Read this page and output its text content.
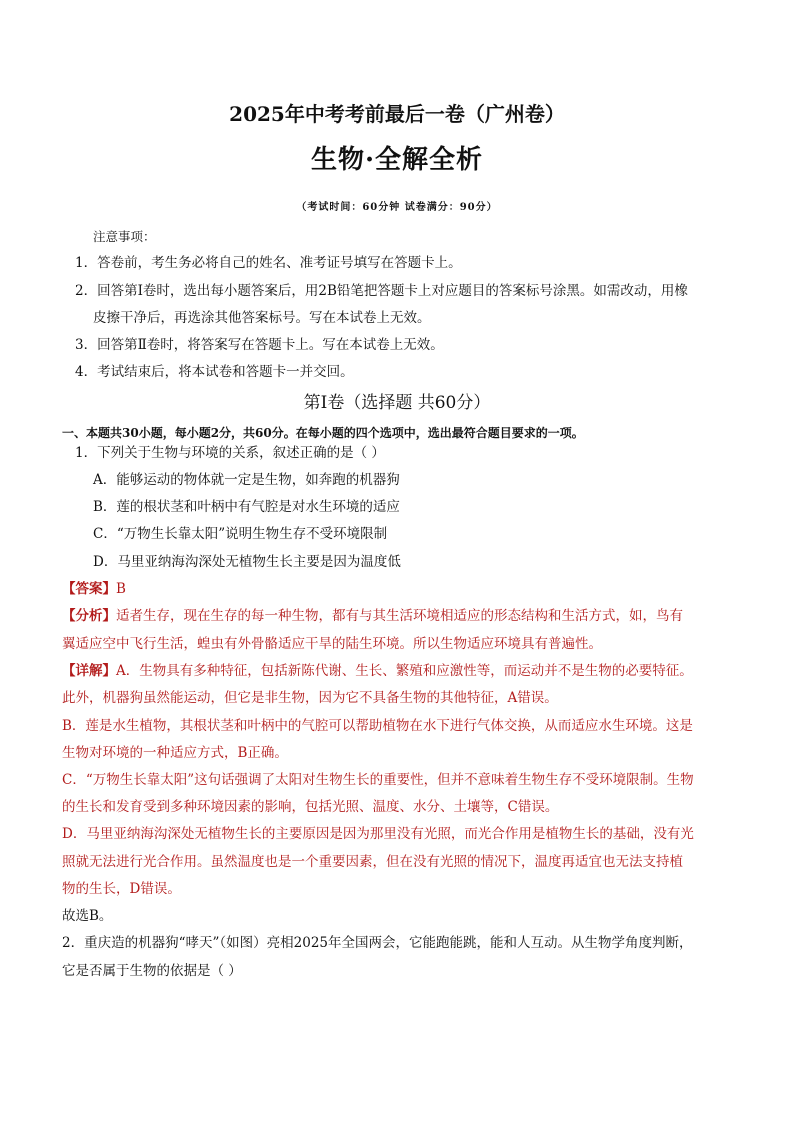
2025年中考考前最后一卷（广州卷）
生物·全解全析
（考试时间：60分钟 试卷满分：90分）
注意事项：
1．答卷前，考生务必将自己的姓名、准考证号填写在答题卡上。
2．回答第Ⅰ卷时，选出每小题答案后，用2B铅笔把答题卡上对应题目的答案标号涂黑。如需改动，用橡
皮擦干净后，再选涂其他答案标号。写在本试卷上无效。
3．回答第Ⅱ卷时，将答案写在答题卡上。写在本试卷上无效。
4．考试结束后，将本试卷和答题卡一并交回。
第Ⅰ卷（选择题 共60分）
一、本题共30小题，每小题2分，共60分。在每小题的四个选项中，选出最符合题目要求的一项。
1．下列关于生物与环境的关系，叙述正确的是（ ）
A．能够运动的物体就一定是生物，如奔跑的机器狗
B．莲的根状茎和叶柄中有气腔是对水生环境的适应
C．“万物生长靠太阳”说明生物生存不受环境限制
D．马里亚纳海沟深处无植物生长主要是因为温度低
【答案】B
【分析】适者生存，现在生存的每一种生物，都有与其生活环境相适应的形态结构和生活方式，如，鸟有
翼适应空中飞行生活，蝗虫有外骨骼适应干旱的陆生环境。所以生物适应环境具有普遍性。
【详解】A．生物具有多种特征，包括新陈代谢、生长、繁殖和应激性等，而运动并不是生物的必要特征。
此外，机器狗虽然能运动，但它是非生物，因为它不具备生物的其他特征，A错误。
B．莲是水生植物，其根状茎和叶柄中的气腔可以帮助植物在水下进行气体交换，从而适应水生环境。这是
生物对环境的一种适应方式，B正确。
C．“万物生长靠太阳”这句话强调了太阳对生物生长的重要性，但并不意味着生物生存不受环境限制。生物
的生长和发育受到多种环境因素的影响，包括光照、温度、水分、土壤等，C错误。
D．马里亚纳海沟深处无植物生长的主要原因是因为那里没有光照，而光合作用是植物生长的基础，没有光
照就无法进行光合作用。虽然温度也是一个重要因素，但在没有光照的情况下，温度再适宜也无法支持植
物的生长，D错误。
故选B。
2．重庆造的机器狗“哮天”（如图）亮相2025年全国两会，它能跑能跳，能和人互动。从生物学角度判断，
它是否属于生物的依据是（ ）
